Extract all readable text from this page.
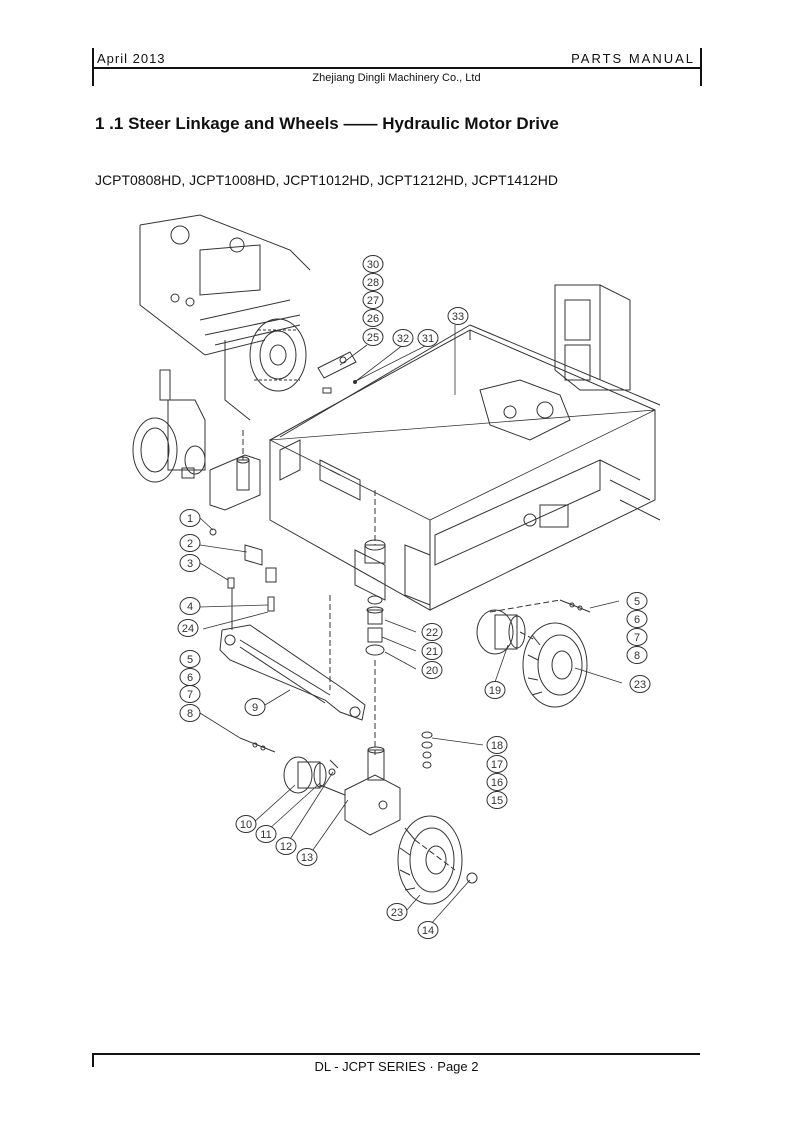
April 2013	PARTS MANUAL
Zhejiang Dingli Machinery Co., Ltd
1 .1 Steer Linkage and Wheels —— Hydraulic Motor Drive
JCPT0808HD, JCPT1008HD, JCPT1012HD, JCPT1212HD, JCPT1412HD
30
28
27
26
25 32 31
33
1
2
3
4
24
5
6
7
8	9
22
21
20
5
6
7
8
19	23
18
17
16
15
10
11
12
13
23
14
DL - JCPT SERIES · Page 2
